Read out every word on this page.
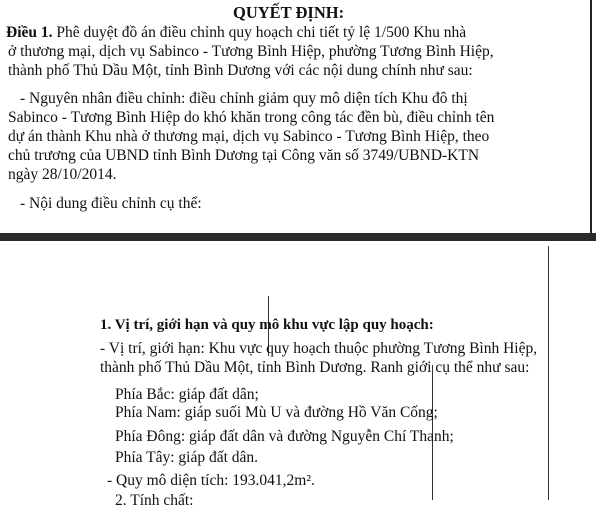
QUYẾT ĐỊNH:
Điều 1. Phê duyệt đồ án điều chỉnh quy hoạch chi tiết tỷ lệ 1/500 Khu nhà
ở thương mại, dịch vụ Sabinco - Tương Bình Hiệp, phường Tương Bình Hiệp,
thành phố Thủ Dầu Một, tỉnh Bình Dương với các nội dung chính như sau:
- Nguyên nhân điều chỉnh: điều chỉnh giảm quy mô diện tích Khu đô thị
Sabinco - Tương Bình Hiệp do khó khăn trong công tác đền bù, điều chỉnh tên
dự án thành Khu nhà ở thương mại, dịch vụ Sabinco - Tương Bình Hiệp, theo
chủ trương của UBND tỉnh Bình Dương tại Công văn số 3749/UBND-KTN
ngày 28/10/2014.
- Nội dung điều chỉnh cụ thể:
1. Vị trí, giới hạn và quy mô khu vực lập quy hoạch:
- Vị trí, giới hạn: Khu vực quy hoạch thuộc phường Tương Bình Hiệp,
thành phố Thủ Dầu Một, tỉnh Bình Dương. Ranh giới cụ thể như sau:
Phía Bắc: giáp đất dân;
Phía Nam: giáp suối Mù U và đường Hồ Văn Cống;
Phía Đông: giáp đất dân và đường Nguyễn Chí Thanh;
Phía Tây: giáp đất dân.
- Quy mô diện tích: 193.041,2m².
2. Tính chất:
